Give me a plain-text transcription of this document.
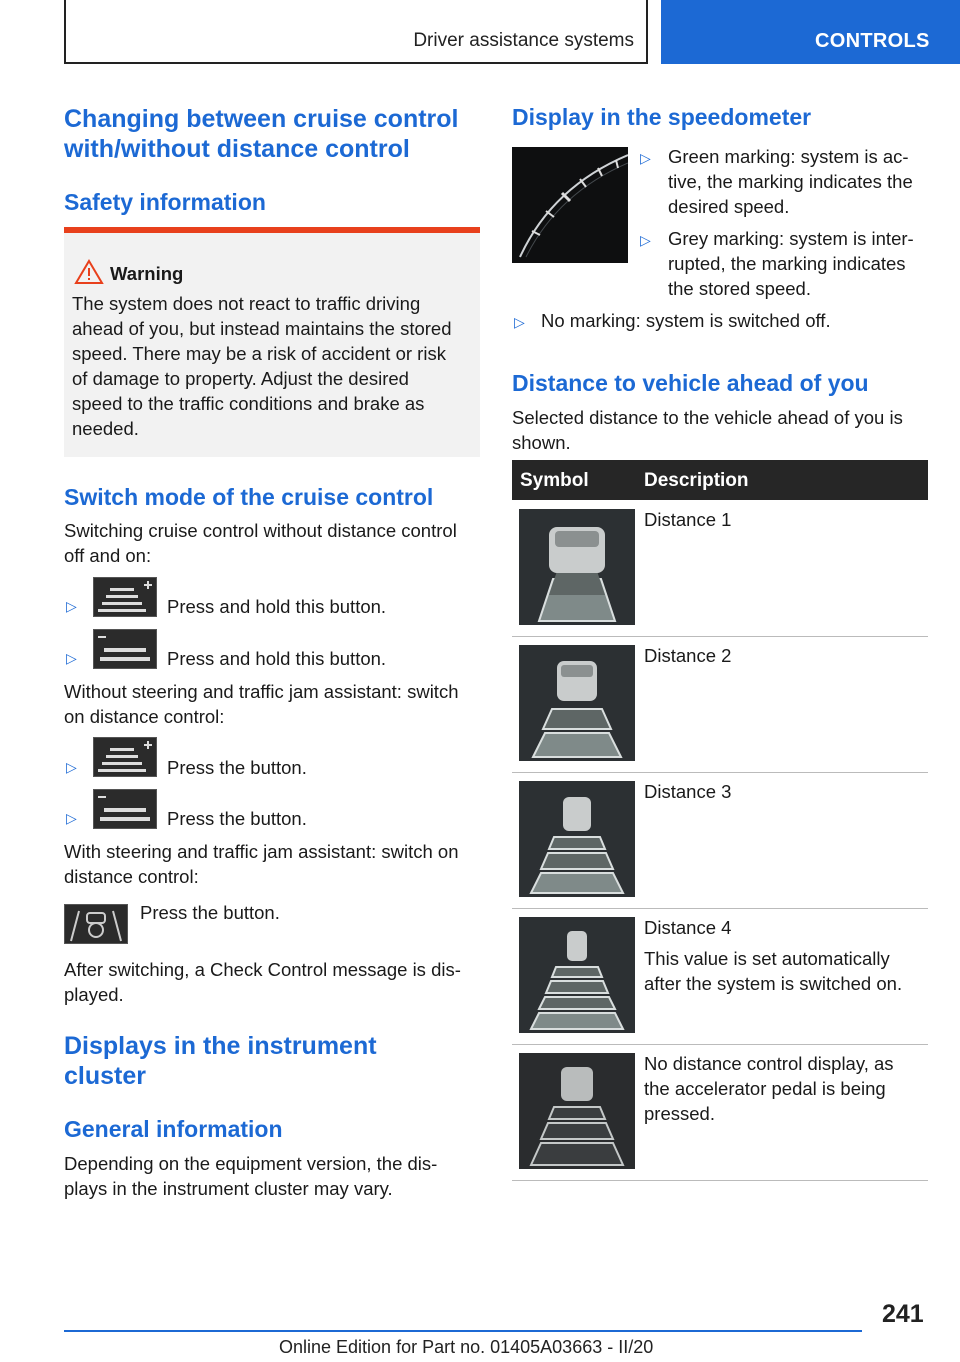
Driver assistance systems	CONTROLS
Changing between cruise control
with/without distance control
Safety information
Warning
The system does not react to traffic driving
ahead of you, but instead maintains the stored
speed. There may be a risk of accident or risk
of damage to property. Adjust the desired
speed to the traffic conditions and brake as
needed.
Switch mode of the cruise control
Switching cruise control without distance control
off and on:
▷	Press and hold this button.
▷	Press and hold this button.
Without steering and traffic jam assistant: switch
on distance control:
▷	Press the button.
▷	Press the button.
With steering and traffic jam assistant: switch on
distance control:
Press the button.
After switching, a Check Control message is dis-
played.
Displays in the instrument
cluster
General information
Depending on the equipment version, the dis-
plays in the instrument cluster may vary.
Display in the speedometer
▷ Green marking: system is ac-
tive, the marking indicates the
desired speed.
▷ Grey marking: system is inter-
rupted, the marking indicates
the stored speed.
▷ No marking: system is switched off.
Distance to vehicle ahead of you
Selected distance to the vehicle ahead of you is
shown.
Symbol	Description
Distance 1
Distance 2
Distance 3
Distance 4
This value is set automatically
after the system is switched on.
No distance control display, as
the accelerator pedal is being
pressed.
241
Online Edition for Part no. 01405A03663 - II/20
